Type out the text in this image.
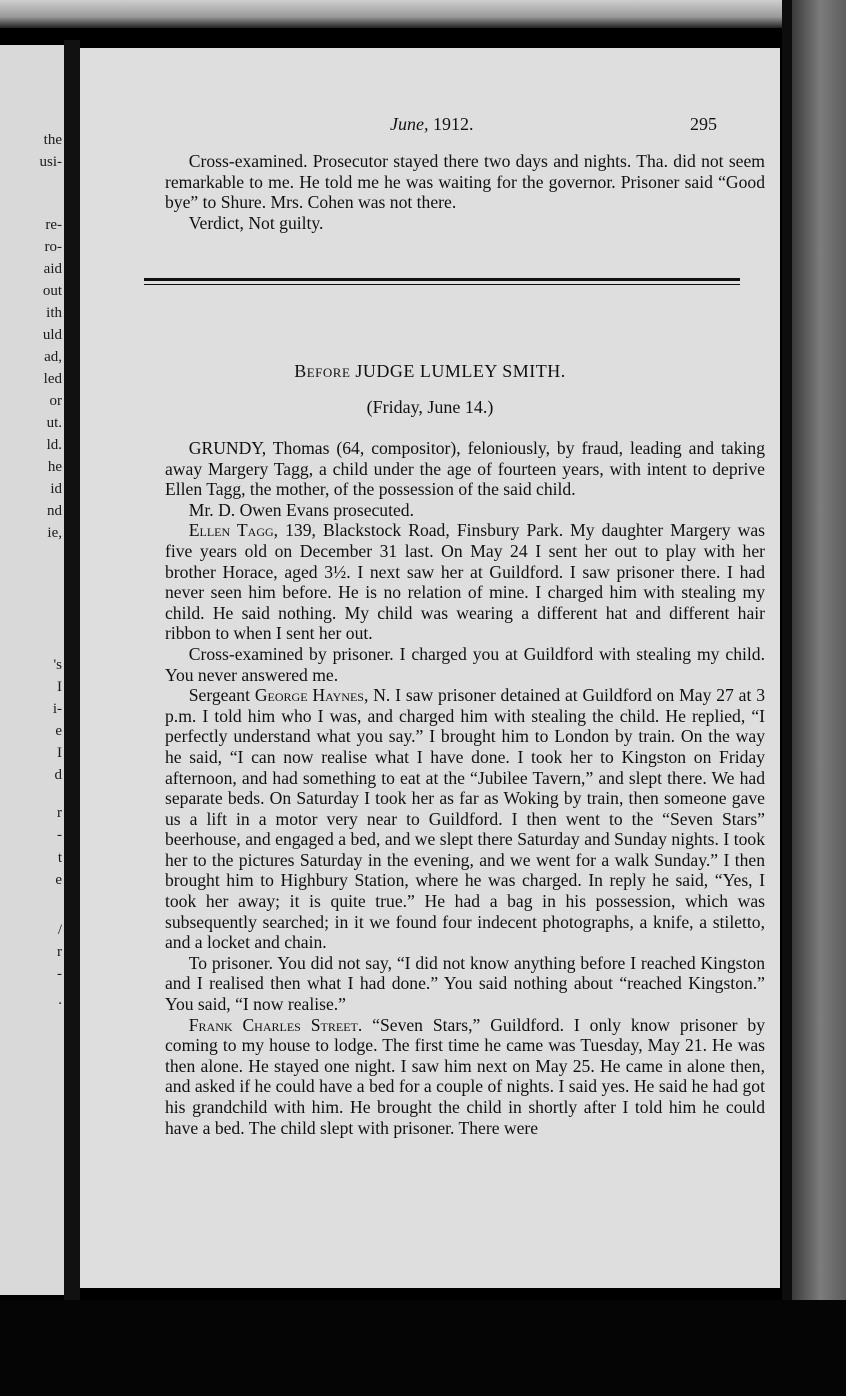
the
usi-
re-
ro-
aid
out
ith
uld
ad,
led
or
ut.
ld.
he
id
nd
ie,
's
I
i-
e
I
d
r
-
t
e
/
r
-
.
June, 1912.	295

Cross-examined. Prosecutor stayed there two days and nights. Tha. did not seem remarkable to me. He told me he was waiting for the governor. Prisoner said “Good bye” to Shure. Mrs. Cohen was not there.

Verdict, Not guilty.

Before JUDGE LUMLEY SMITH.
(Friday, June 14.)

GRUNDY, Thomas (64, compositor), feloniously, by fraud, leading and taking away Margery Tagg, a child under the age of fourteen years, with intent to deprive Ellen Tagg, the mother, of the possession of the said child.

Mr. D. Owen Evans prosecuted.

Ellen Tagg, 139, Blackstock Road, Finsbury Park. My daughter Margery was five years old on December 31 last. On May 24 I sent her out to play with her brother Horace, aged 3½. I next saw her at Guildford. I saw prisoner there. I had never seen him before. He is no relation of mine. I charged him with stealing my child. He said nothing. My child was wearing a different hat and different hair ribbon to when I sent her out.

Cross-examined by prisoner. I charged you at Guildford with stealing my child. You never answered me.

Sergeant George Haynes, N. I saw prisoner detained at Guildford on May 27 at 3 p.m. I told him who I was, and charged him with stealing the child. He replied, “I perfectly understand what you say.” I brought him to London by train. On the way he said, “I can now realise what I have done. I took her to Kingston on Friday afternoon, and had something to eat at the “Jubilee Tavern,” and slept there. We had separate beds. On Saturday I took her as far as Woking by train, then someone gave us a lift in a motor very near to Guildford. I then went to the “Seven Stars” beerhouse, and engaged a bed, and we slept there Saturday and Sunday nights. I took her to the pictures Saturday in the evening, and we went for a walk Sunday.” I then brought him to Highbury Station, where he was charged. In reply he said, “Yes, I took her away; it is quite true.” He had a bag in his possession, which was subsequently searched; in it we found four indecent photographs, a knife, a stiletto, and a locket and chain.

To prisoner. You did not say, “I did not know anything before I reached Kingston and I realised then what I had done.” You said nothing about “reached Kingston.” You said, “I now realise.”

Frank Charles Street. “Seven Stars,” Guildford. I only know prisoner by coming to my house to lodge. The first time he came was Tuesday, May 21. He was then alone. He stayed one night. I saw him next on May 25. He came in alone then, and asked if he could have a bed for a couple of nights. I said yes. He said he had got his grandchild with him. He brought the child in shortly after I told him he could have a bed. The child slept with prisoner. There were
